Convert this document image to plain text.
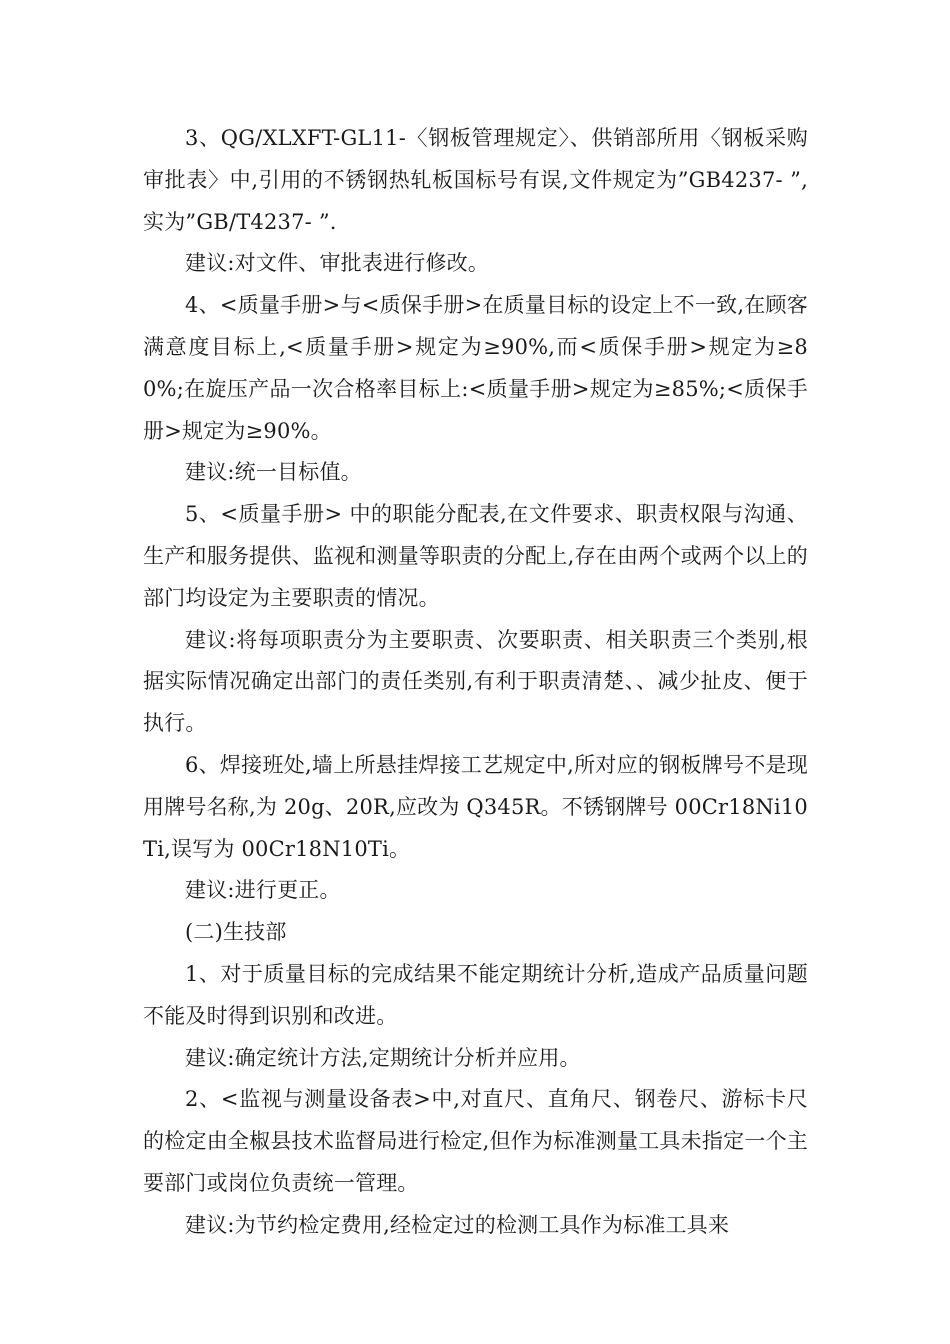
3、QG/XLXFT-GL11-〈钢板管理规定〉、供销部所用〈钢板采购审批表〉中,引用的不锈钢热轧板国标号有误,文件规定为”GB4237- ”,实为”GB/T4237- ”.

建议:对文件、审批表进行修改。

4、<质量手册>与<质保手册>在质量目标的设定上不一致,在顾客满意度目标上,<质量手册>规定为≥90%,而<质保手册>规定为≥80%;在旋压产品一次合格率目标上:<质量手册>规定为≥85%;<质保手册>规定为≥90%。

建议:统一目标值。

5、<质量手册> 中的职能分配表,在文件要求、职责权限与沟通、生产和服务提供、监视和测量等职责的分配上,存在由两个或两个以上的部门均设定为主要职责的情况。

建议:将每项职责分为主要职责、次要职责、相关职责三个类别,根据实际情况确定出部门的责任类别,有利于职责清楚、、减少扯皮、便于执行。

6、焊接班处,墙上所悬挂焊接工艺规定中,所对应的钢板牌号不是现用牌号名称,为 20g、20R,应改为 Q345R。不锈钢牌号 00Cr18Ni10Ti,误写为 00Cr18N10Ti。

建议:进行更正。

(二)生技部

1、对于质量目标的完成结果不能定期统计分析,造成产品质量问题不能及时得到识别和改进。

建议:确定统计方法,定期统计分析并应用。

2、<监视与测量设备表>中,对直尺、直角尺、钢卷尺、游标卡尺的检定由全椒县技术监督局进行检定,但作为标准测量工具未指定一个主要部门或岗位负责统一管理。

建议:为节约检定费用,经检定过的检测工具作为标准工具来
